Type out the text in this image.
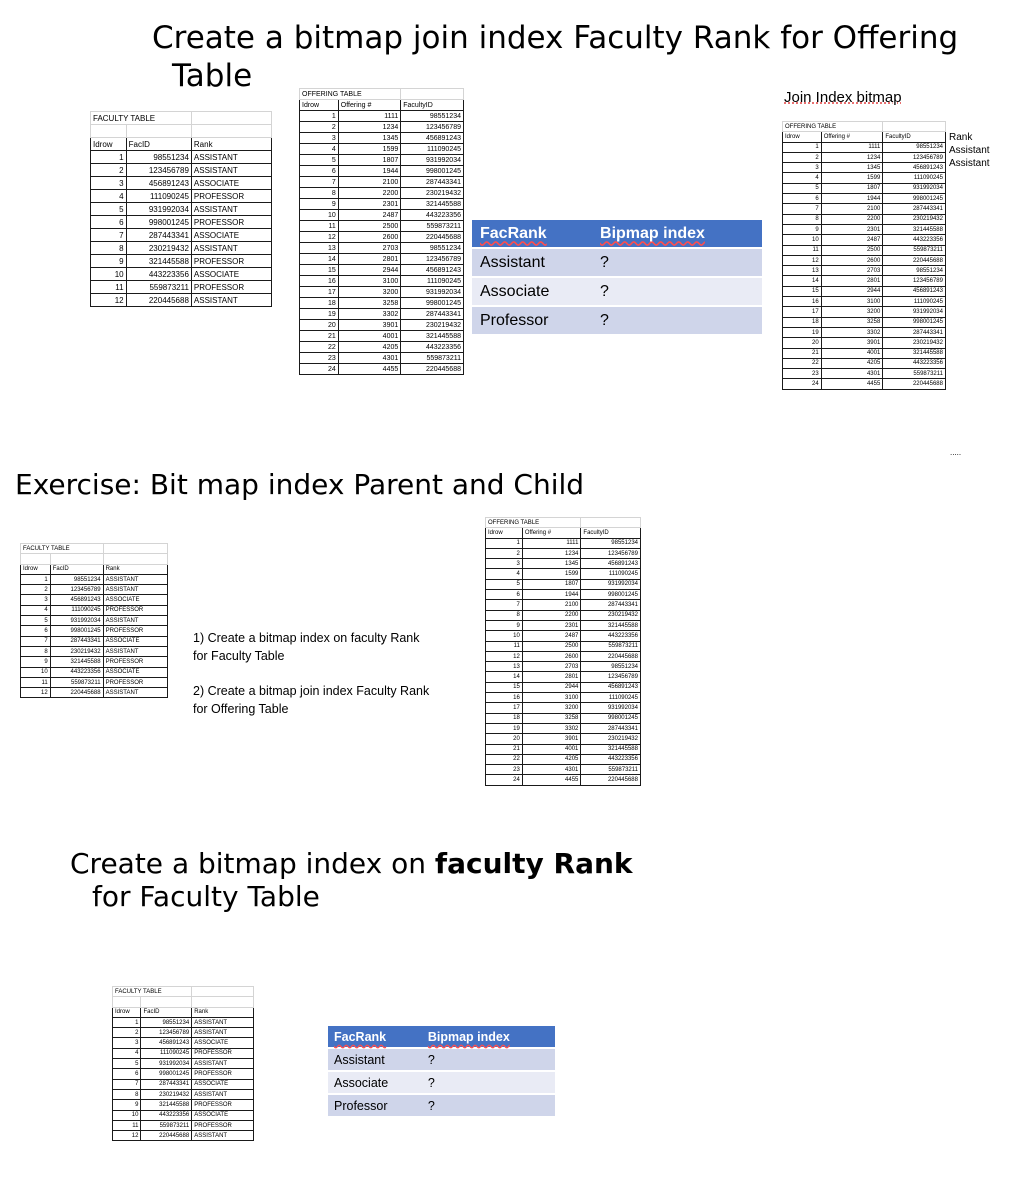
Create a bitmap join index Faculty Rank for Offering
Table
FACULTY TABLE		

Idrow	FacID	Rank
1	98551234	ASSISTANT
2	123456789	ASSISTANT
3	456891243	ASSOCIATE
4	111090245	PROFESSOR
5	931992034	ASSISTANT
6	998001245	PROFESSOR
7	287443341	ASSOCIATE
8	230219432	ASSISTANT
9	321445588	PROFESSOR
10	443223356	ASSOCIATE
11	559873211	PROFESSOR
12	220445688	ASSISTANT
OFFERING TABLE		
Idrow	Offering #	FacultyID
1	1111	98551234
2	1234	123456789
3	1345	456891243
4	1599	111090245
5	1807	931992034
6	1944	998001245
7	2100	287443341
8	2200	230219432
9	2301	321445588
10	2487	443223356
11	2500	559873211
12	2600	220445688
13	2703	98551234
14	2801	123456789
15	2944	456891243
16	3100	111090245
17	3200	931992034
18	3258	998001245
19	3302	287443341
20	3901	230219432
21	4001	321445588
22	4205	443223356
23	4301	559873211
24	4455	220445688
FacRank	Bipmap index
Assistant	?
Associate	?
Professor	?
Join Index bitmap
OFFERING TABLE		
Idrow	Offering #	FacultyID
1	1111	98551234
2	1234	123456789
3	1345	456891243
4	1599	111090245
5	1807	931992034
6	1944	998001245
7	2100	287443341
8	2200	230219432
9	2301	321445588
10	2487	443223356
11	2500	559873211
12	2600	220445688
13	2703	98551234
14	2801	123456789
15	2944	456891243
16	3100	111090245
17	3200	931992034
18	3258	998001245
19	3302	287443341
20	3901	230219432
21	4001	321445588
22	4205	443223356
23	4301	559873211
24	4455	220445688
Rank
Assistant
Assistant
.....
Exercise: Bit map index Parent and Child
FACULTY TABLE		

Idrow	FacID	Rank
1	98551234	ASSISTANT
2	123456789	ASSISTANT
3	456891243	ASSOCIATE
4	111090245	PROFESSOR
5	931992034	ASSISTANT
6	998001245	PROFESSOR
7	287443341	ASSOCIATE
8	230219432	ASSISTANT
9	321445588	PROFESSOR
10	443223356	ASSOCIATE
11	559873211	PROFESSOR
12	220445688	ASSISTANT
1) Create a bitmap index on faculty Rank
for Faculty Table
2) Create a bitmap join index Faculty Rank
for Offering Table
OFFERING TABLE		
Idrow	Offering #	FacultyID
1	1111	98551234
2	1234	123456789
3	1345	456891243
4	1599	111090245
5	1807	931992034
6	1944	998001245
7	2100	287443341
8	2200	230219432
9	2301	321445588
10	2487	443223356
11	2500	559873211
12	2600	220445688
13	2703	98551234
14	2801	123456789
15	2944	456891243
16	3100	111090245
17	3200	931992034
18	3258	998001245
19	3302	287443341
20	3901	230219432
21	4001	321445588
22	4205	443223356
23	4301	559873211
24	4455	220445688
Create a bitmap index on faculty Rank
for Faculty Table
FACULTY TABLE		

Idrow	FacID	Rank
1	98551234	ASSISTANT
2	123456789	ASSISTANT
3	456891243	ASSOCIATE
4	111090245	PROFESSOR
5	931992034	ASSISTANT
6	998001245	PROFESSOR
7	287443341	ASSOCIATE
8	230219432	ASSISTANT
9	321445588	PROFESSOR
10	443223356	ASSOCIATE
11	559873211	PROFESSOR
12	220445688	ASSISTANT
FacRank	Bipmap index
Assistant	?
Associate	?
Professor	?
